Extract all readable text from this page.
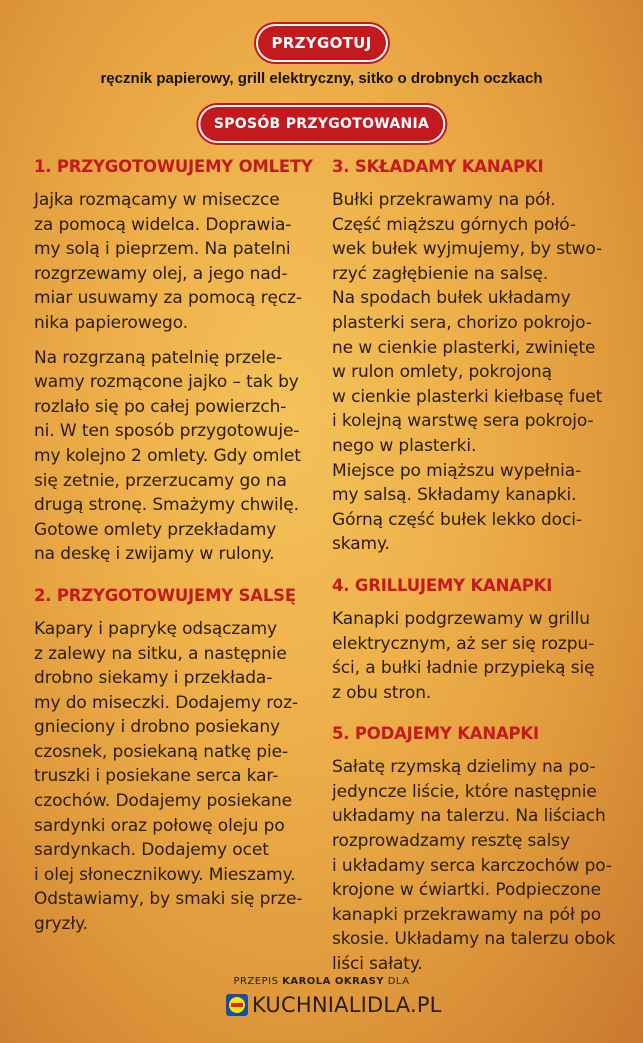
PRZYGOTUJ
ręcznik papierowy, grill elektryczny, sitko o drobnych oczkach
SPOSÓB PRZYGOTOWANIA
1. PRZYGOTOWUJEMY OMLETY
Jajka rozmącamy w miseczce
za pomocą widelca. Doprawia-
my solą i pieprzem. Na patelni
rozgrzewamy olej, a jego nad-
miar usuwamy za pomocą ręcz-
nika papierowego.
Na rozgrzaną patelnię przele-
wamy rozmącone jajko – tak by
rozlało się po całej powierzch-
ni. W ten sposób przygotowuje-
my kolejno 2 omlety. Gdy omlet
się zetnie, przerzucamy go na
drugą stronę. Smażymy chwilę.
Gotowe omlety przekładamy
na deskę i zwijamy w rulony.
2. PRZYGOTOWUJEMY SALSĘ
Kapary i paprykę odsączamy
z zalewy na sitku, a następnie
drobno siekamy i przekłada-
my do miseczki. Dodajemy roz-
gnieciony i drobno posiekany
czosnek, posiekaną natkę pie-
truszki i posiekane serca kar-
czochów. Dodajemy posiekane
sardynki oraz połowę oleju po
sardynkach. Dodajemy ocet
i olej słonecznikowy. Mieszamy.
Odstawiamy, by smaki się prze-
gryzły.
3. SKŁADAMY KANAPKI
Bułki przekrawamy na pół.
Część miąższu górnych połó-
wek bułek wyjmujemy, by stwo-
rzyć zagłębienie na salsę.
Na spodach bułek układamy
plasterki sera, chorizo pokrojo-
ne w cienkie plasterki, zwinięte
w rulon omlety, pokrojoną
w cienkie plasterki kiełbasę fuet
i kolejną warstwę sera pokrojo-
nego w plasterki.
Miejsce po miąższu wypełnia-
my salsą. Składamy kanapki.
Górną część bułek lekko doci-
skamy.
4. GRILLUJEMY KANAPKI
Kanapki podgrzewamy w grillu
elektrycznym, aż ser się rozpu-
ści, a bułki ładnie przypieką się
z obu stron.
5. PODAJEMY KANAPKI
Sałatę rzymską dzielimy na po-
jedyncze liście, które następnie
układamy na talerzu. Na liściach
rozprowadzamy resztę salsy
i układamy serca karczochów po-
krojone w ćwiartki. Podpieczone
kanapki przekrawamy na pół po
skosie. Układamy na talerzu obok
liści sałaty.
PRZEPIS KAROLA OKRASY DLA
KUCHNIALIDLA.PL
